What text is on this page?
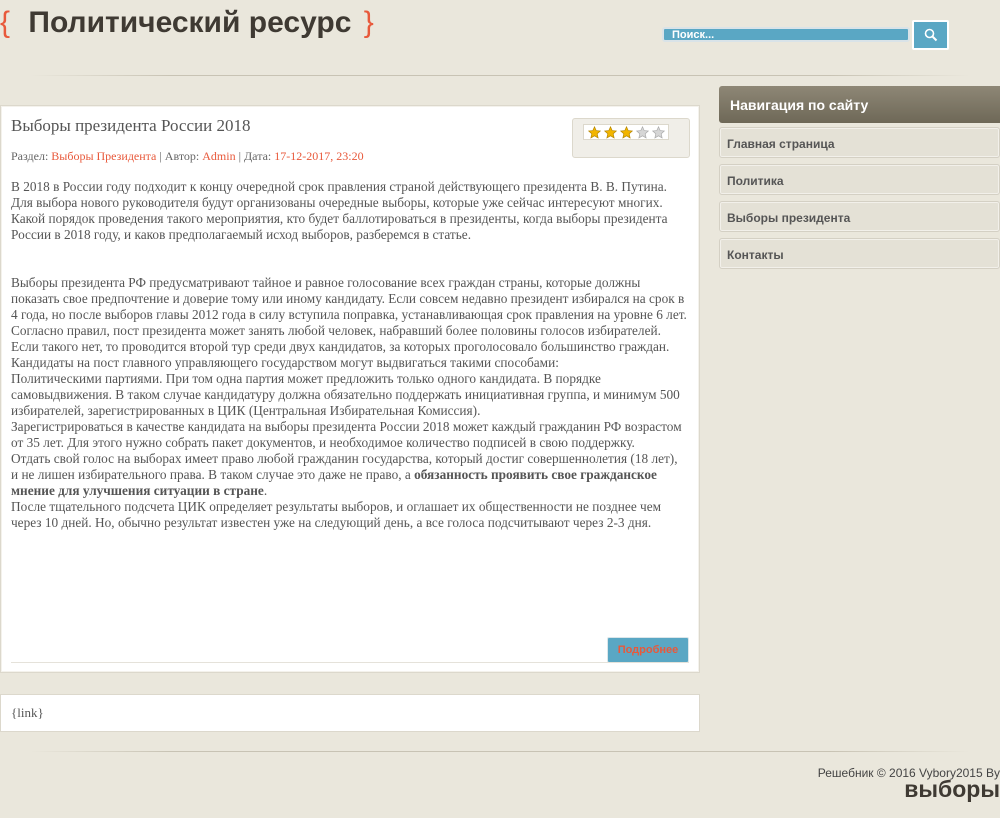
{ Политический ресурс }
Поиск...
Выборы президента России 2018
Раздел: Выборы Президента | Автор: Admin | Дата: 17-12-2017, 23:20

В 2018 в России году подходит к концу очередной срок правления страной действующего президента В. В. Путина. Для выбора нового руководителя будут организованы очередные выборы, которые уже сейчас интересуют многих.

Какой порядок проведения такого мероприятия, кто будет баллотироваться в президенты, когда выборы президента России в 2018 году, и каков предполагаемый исход выборов, разберемся в статье.

Выборы президента РФ предусматривают тайное и равное голосование всех граждан страны, которые должны показать свое предпочтение и доверие тому или иному кандидату. Если совсем недавно президент избирался на срок в 4 года, но после выборов главы 2012 года в силу вступила поправка, устанавливающая срок правления на уровне 6 лет.

Согласно правил, пост президента может занять любой человек, набравший более половины голосов избирателей. Если такого нет, то проводится второй тур среди двух кандидатов, за которых проголосовало большинство граждан.

Кандидаты на пост главного управляющего государством могут выдвигаться такими способами:

Политическими партиями. При том одна партия может предложить только одного кандидата. В порядке самовыдвижения. В таком случае кандидатуру должна обязательно поддержать инициативная группа, и минимум 500 избирателей, зарегистрированных в ЦИК (Центральная Избирательная Комиссия).

Зарегистрироваться в качестве кандидата на выборы президента России 2018 может каждый гражданин РФ возрастом от 35 лет. Для этого нужно собрать пакет документов, и необходимое количество подписей в свою поддержку.

Отдать свой голос на выборах имеет право любой гражданин государства, который достиг совершеннолетия (18 лет), и не лишен избирательного права. В таком случае это даже не право, а обязанность проявить свое гражданское мнение для улучшения ситуации в стране.

После тщательного подсчета ЦИК определяет результаты выборов, и оглашает их общественности не позднее чем через 10 дней. Но, обычно результат известен уже на следующий день, а все голоса подсчитывают через 2-3 дня.

Подробнее
{link}
Навигация по сайту
Главная страница
Политика
Выборы президента
Контакты
Решебник © 2016 Vybory2015 By
выборы
